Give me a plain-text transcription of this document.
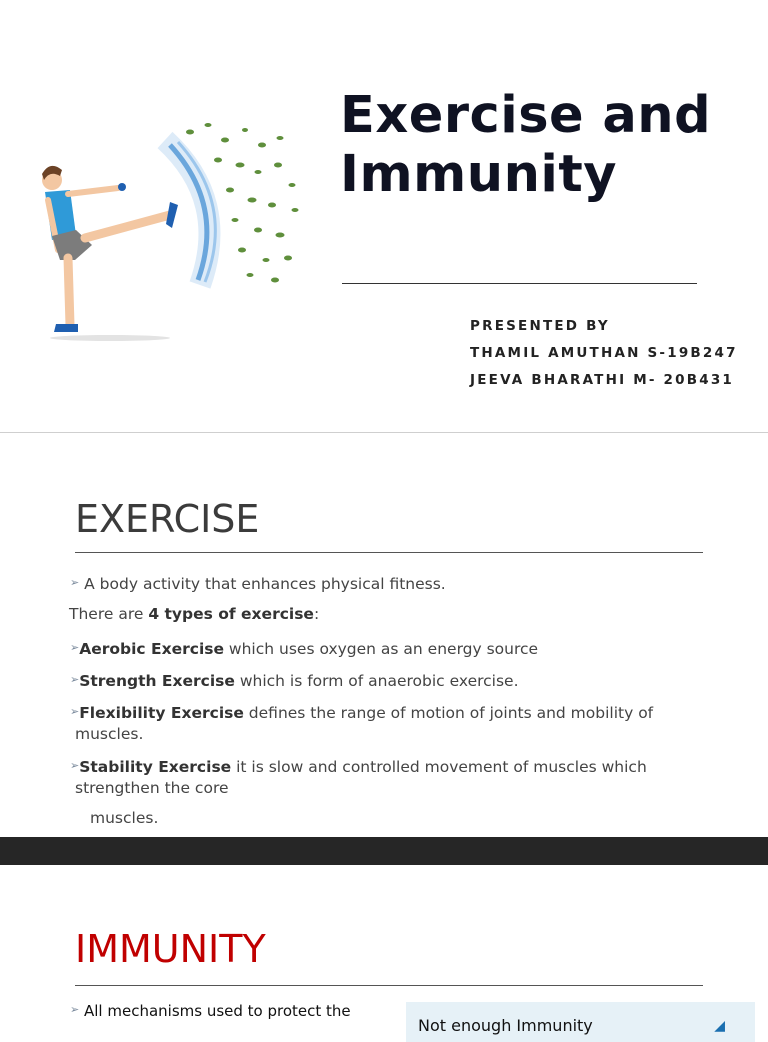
Exercise and
Immunity
PRESENTED BY
THAMIL AMUTHAN S-19B247
JEEVA BHARATHI M- 20B431
EXERCISE
➢ A body activity that enhances physical fitness.
There are 4 types of exercise:
➢Aerobic Exercise which uses oxygen as an energy source
➢Strength Exercise which is form of anaerobic exercise.
➢Flexibility Exercise defines the range of motion of joints and mobility of
muscles.
➢Stability Exercise it is slow and controlled movement of muscles which
strengthen the core
muscles.
IMMUNITY
➢ All mechanisms used to protect the
Not enough Immunity	◢
